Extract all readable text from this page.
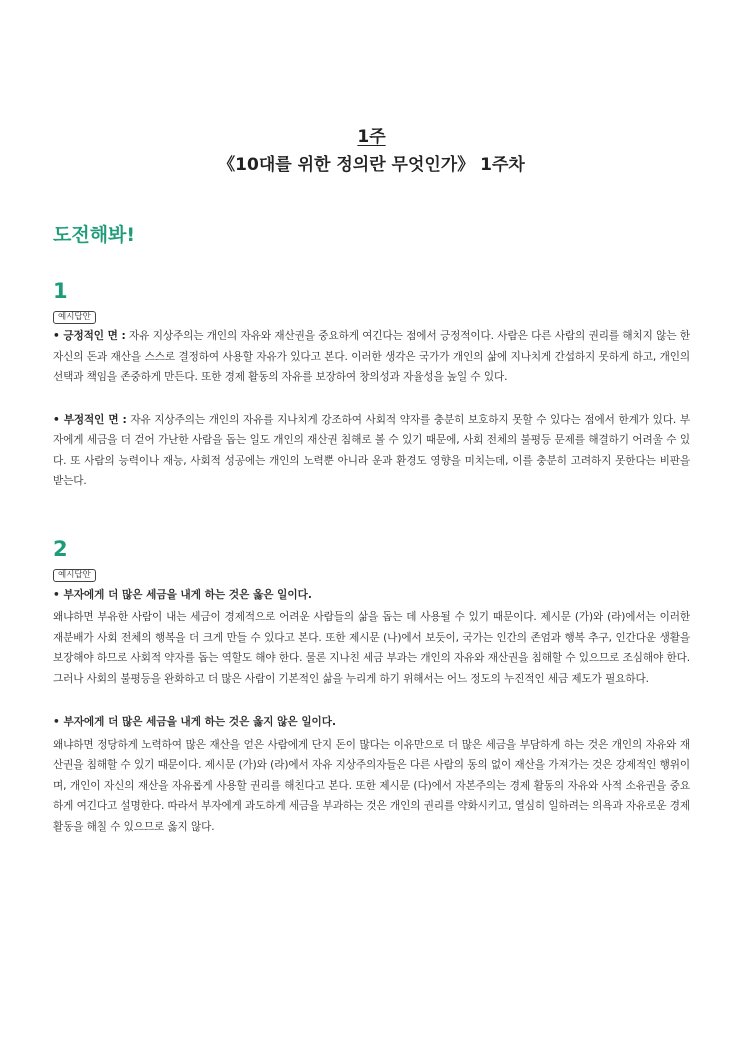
1주
《10대를 위한 정의란 무엇인가》 1주차
도전해봐!
1
예시답안

• 긍정적인 면 : 자유 지상주의는 개인의 자유와 재산권을 중요하게 여긴다는 점에서 긍정적이다. 사람은 다른 사람의 권리를 해치지 않는 한 자신의 돈과 재산을 스스로 결정하여 사용할 자유가 있다고 본다. 이러한 생각은 국가가 개인의 삶에 지나치게 간섭하지 못하게 하고, 개인의 선택과 책임을 존중하게 만든다. 또한 경제 활동의 자유를 보장하여 창의성과 자율성을 높일 수 있다.

• 부정적인 면 : 자유 지상주의는 개인의 자유를 지나치게 강조하여 사회적 약자를 충분히 보호하지 못할 수 있다는 점에서 한계가 있다. 부자에게 세금을 더 걷어 가난한 사람을 돕는 일도 개인의 재산권 침해로 볼 수 있기 때문에, 사회 전체의 불평등 문제를 해결하기 어려울 수 있다. 또 사람의 능력이나 재능, 사회적 성공에는 개인의 노력뿐 아니라 운과 환경도 영향을 미치는데, 이를 충분히 고려하지 못한다는 비판을 받는다.

2
예시답안
• 부자에게 더 많은 세금을 내게 하는 것은 옳은 일이다.

왜냐하면 부유한 사람이 내는 세금이 경제적으로 어려운 사람들의 삶을 돕는 데 사용될 수 있기 때문이다. 제시문 (가)와 (라)에서는 이러한 재분배가 사회 전체의 행복을 더 크게 만들 수 있다고 본다. 또한 제시문 (나)에서 보듯이, 국가는 인간의 존엄과 행복 추구, 인간다운 생활을 보장해야 하므로 사회적 약자를 돕는 역할도 해야 한다. 물론 지나친 세금 부과는 개인의 자유와 재산권을 침해할 수 있으므로 조심해야 한다. 그러나 사회의 불평등을 완화하고 더 많은 사람이 기본적인 삶을 누리게 하기 위해서는 어느 정도의 누진적인 세금 제도가 필요하다.

• 부자에게 더 많은 세금을 내게 하는 것은 옳지 않은 일이다.

왜냐하면 정당하게 노력하여 많은 재산을 얻은 사람에게 단지 돈이 많다는 이유만으로 더 많은 세금을 부담하게 하는 것은 개인의 자유와 재산권을 침해할 수 있기 때문이다. 제시문 (가)와 (라)에서 자유 지상주의자들은 다른 사람의 동의 없이 재산을 가져가는 것은 강제적인 행위이며, 개인이 자신의 재산을 자유롭게 사용할 권리를 해친다고 본다. 또한 제시문 (다)에서 자본주의는 경제 활동의 자유와 사적 소유권을 중요하게 여긴다고 설명한다. 따라서 부자에게 과도하게 세금을 부과하는 것은 개인의 권리를 약화시키고, 열심히 일하려는 의욕과 자유로운 경제 활동을 해칠 수 있으므로 옳지 않다.
